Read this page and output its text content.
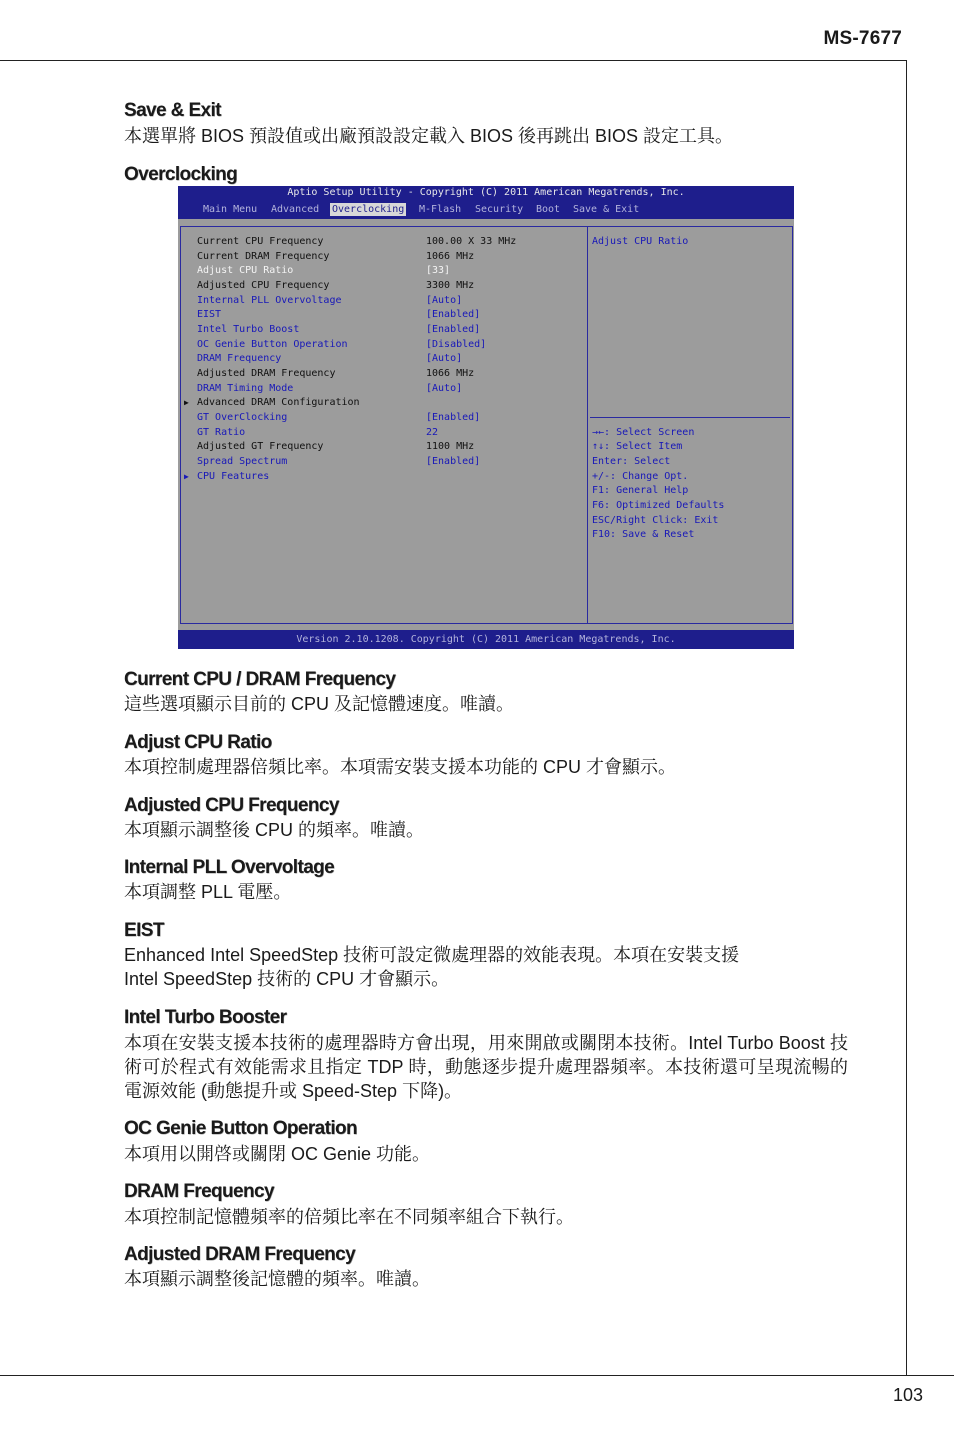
MS-7677
103
Save & Exit
本選單將 BIOS 預設值或出廠預設設定載入 BIOS 後再跳出 BIOS 設定工具。
Overclocking
Aptio Setup Utility - Copyright (C) 2011 American Megatrends, Inc.
Main Menu Advanced Overclocking M-Flash Security Boot Save & Exit
Current CPU Frequency	100.00 X 33 MHz
Current DRAM Frequency	1066 MHz
Adjust CPU Ratio	[33]
Adjusted CPU Frequency	3300 MHz
Internal PLL Overvoltage	[Auto]
EIST	[Enabled]
Intel Turbo Boost	[Enabled]
OC Genie Button Operation	[Disabled]
DRAM Frequency	[Auto]
Adjusted DRAM Frequency	1066 MHz
DRAM Timing Mode	[Auto]
▶ Advanced DRAM Configuration
GT OverClocking	[Enabled]
GT Ratio	22
Adjusted GT Frequency	1100 MHz
Spread Spectrum	[Enabled]
▶ CPU Features
Adjust CPU Ratio
→←: Select Screen
↑↓: Select Item
Enter: Select
+/-: Change Opt.
F1: General Help
F6: Optimized Defaults
ESC/Right Click: Exit
F10: Save & Reset
Version 2.10.1208. Copyright (C) 2011 American Megatrends, Inc.
Current CPU / DRAM Frequency
這些選項顯示目前的 CPU 及記憶體速度。唯讀。
Adjust CPU Ratio
本項控制處理器倍頻比率。本項需安裝支援本功能的 CPU 才會顯示。
Adjusted CPU Frequency
本項顯示調整後 CPU 的頻率。唯讀。
Internal PLL Overvoltage
本項調整 PLL 電壓。
EIST
Enhanced Intel SpeedStep 技術可設定微處理器的效能表現。本項在安裝支援
Intel SpeedStep 技術的 CPU 才會顯示。
Intel Turbo Booster
本項在安裝支援本技術的處理器時方會出現，用來開啟或關閉本技術。Intel Turbo Boost 技術可於程式有效能需求且指定 TDP 時，動態逐步提升處理器頻率。本技術還可呈現流暢的電源效能 (動態提升或 Speed-Step 下降)。
OC Genie Button Operation
本項用以開啓或關閉 OC Genie 功能。
DRAM Frequency
本項控制記憶體頻率的倍頻比率在不同頻率組合下執行。
Adjusted DRAM Frequency
本項顯示調整後記憶體的頻率。唯讀。
